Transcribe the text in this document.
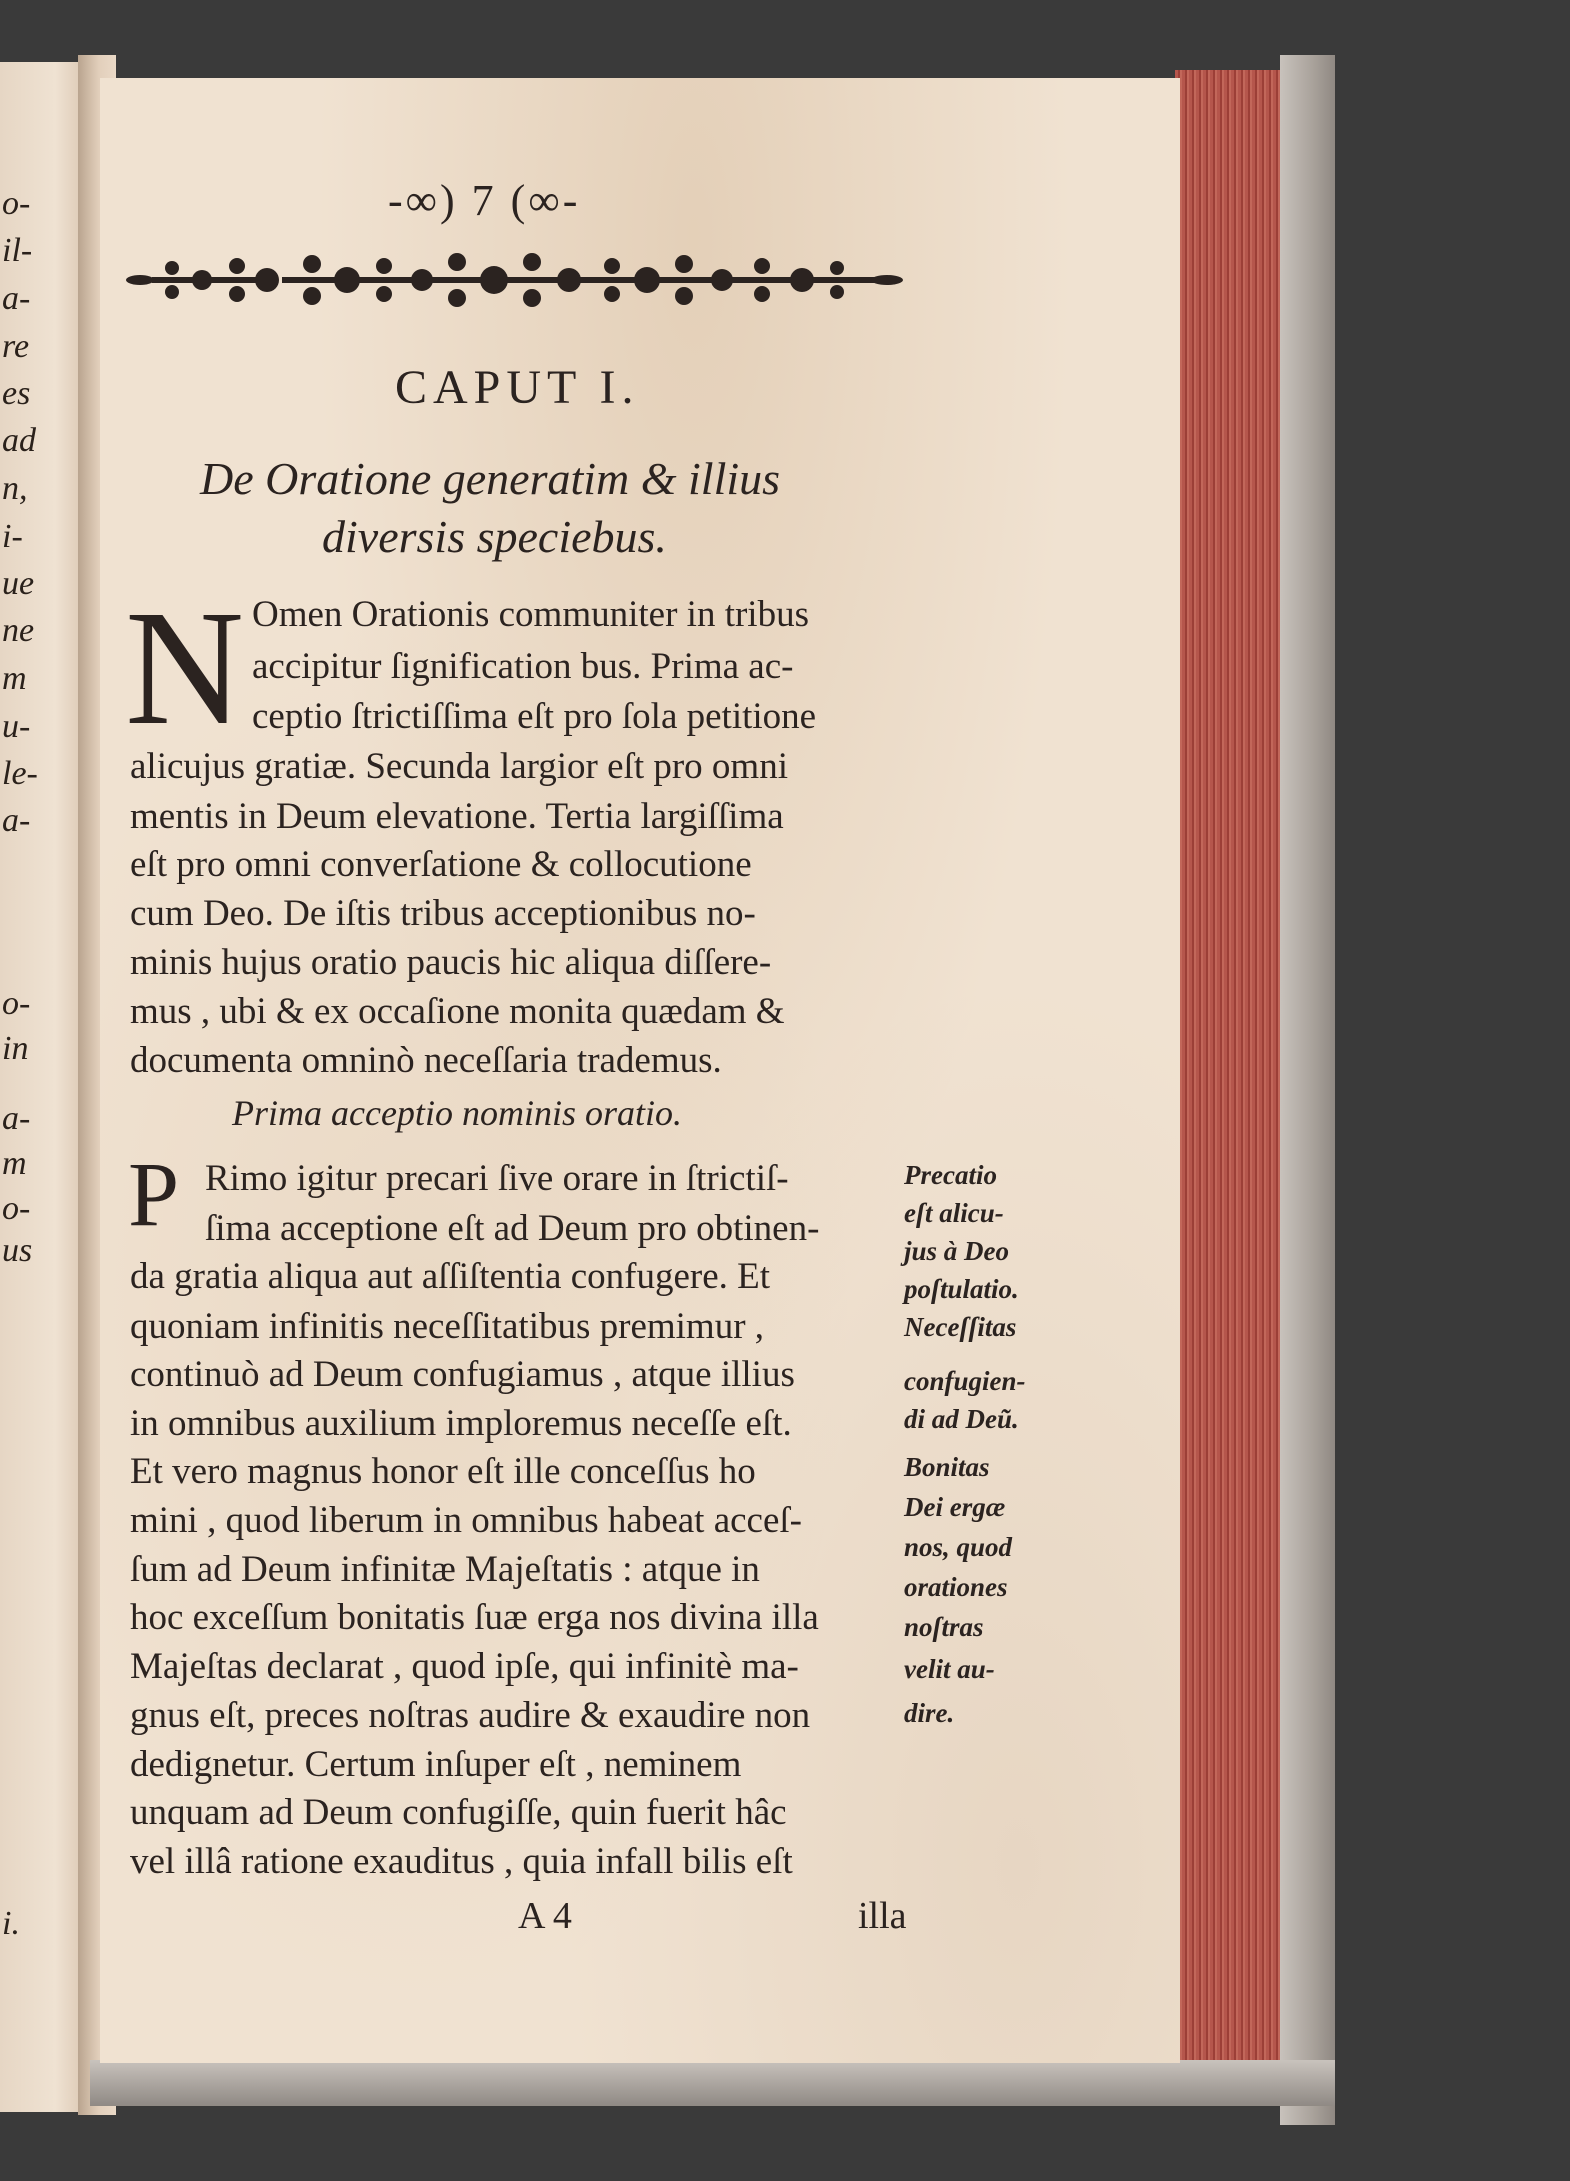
o-
il-
a-
re
es
ad
n,
i-
ue
ne
m
u-
le-
a-
o-
in
a-
m
o-
us
i.
-∞) 7 (∞-
CAPUT I.
De Oratione generatim & illius
diversis speciebus.
N Omen Orationis communiter in tribus
accipitur ſignification bus. Prima ac-
ceptio ſtrictiſſima eſt pro ſola petitione
alicujus gratiæ. Secunda largior eſt pro omni
mentis in Deum elevatione. Tertia largiſſima
eſt pro omni converſatione & collocutione
cum Deo. De iſtis tribus acceptionibus no-
minis hujus oratio paucis hic aliqua diſſere-
mus , ubi & ex occaſione monita quædam &
documenta omninò neceſſaria trademus.
Prima acceptio nominis oratio.
P Rimo igitur precari ſive orare in ſtrictiſ-
ſima acceptione eſt ad Deum pro obtinen-
da gratia aliqua aut aſſiſtentia confugere. Et
quoniam infinitis neceſſitatibus premimur ,
continuò ad Deum confugiamus , atque illius
in omnibus auxilium imploremus neceſſe eſt.
Et vero magnus honor eſt ille conceſſus ho
mini , quod liberum in omnibus habeat acceſ-
ſum ad Deum infinitæ Majeſtatis : atque in
hoc exceſſum bonitatis ſuæ erga nos divina illa
Majeſtas declarat , quod ipſe, qui infinitè ma-
gnus eſt, preces noſtras audire & exaudire non
dedignetur. Certum inſuper eſt , neminem
unquam ad Deum confugiſſe, quin fuerit hâc
vel illâ ratione exauditus , quia infall bilis eſt
Precatio
eſt alicu-
jus à Deo
poſtulatio.
Neceſſitas
confugien-
di ad Deũ.
Bonitas
Dei ergæ
nos, quod
orationes
noſtras
velit au-
dire.
A 4	illa
